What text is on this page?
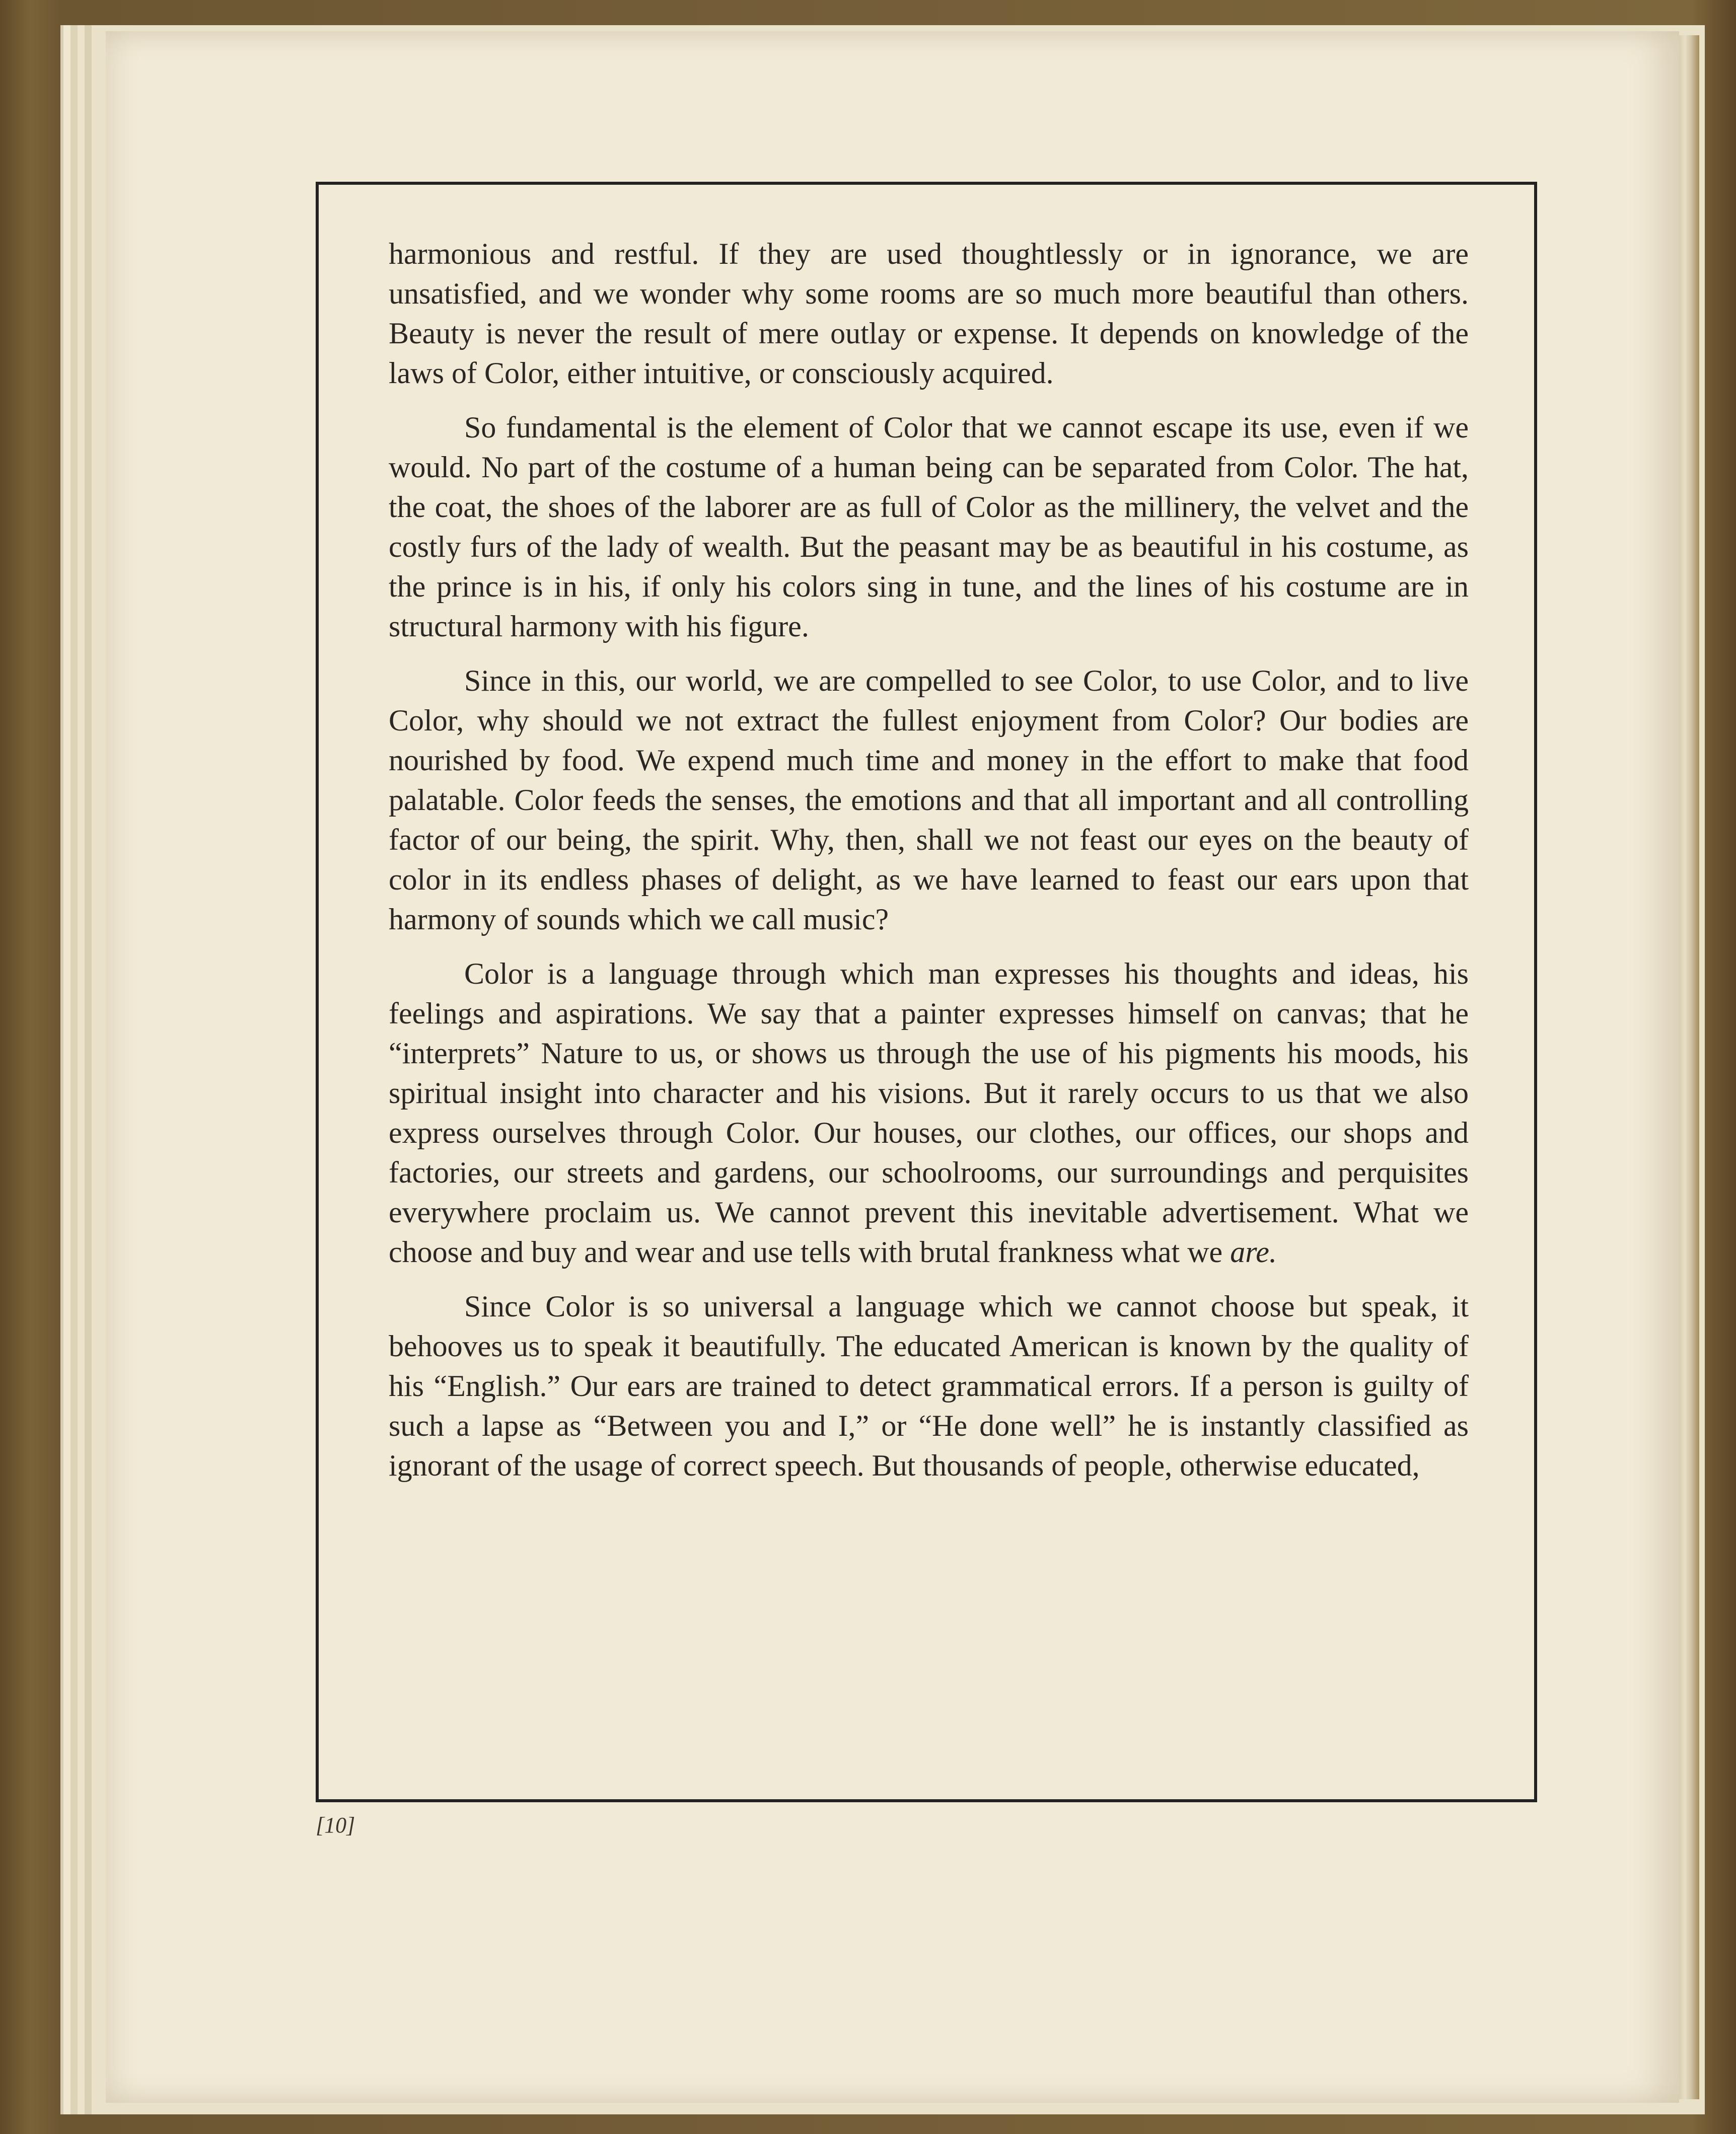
harmonious and restful. If they are used thoughtlessly or in ignorance, we are unsatisfied, and we wonder why some rooms are so much more beautiful than others. Beauty is never the result of mere outlay or expense. It depends on knowledge of the laws of Color, either intuitive, or consciously acquired.

So fundamental is the element of Color that we cannot escape its use, even if we would. No part of the costume of a human being can be separated from Color. The hat, the coat, the shoes of the laborer are as full of Color as the millinery, the velvet and the costly furs of the lady of wealth. But the peasant may be as beautiful in his costume, as the prince is in his, if only his colors sing in tune, and the lines of his costume are in structural harmony with his figure.

Since in this, our world, we are compelled to see Color, to use Color, and to live Color, why should we not extract the fullest enjoyment from Color? Our bodies are nourished by food. We expend much time and money in the effort to make that food palatable. Color feeds the senses, the emotions and that all important and all controlling factor of our being, the spirit. Why, then, shall we not feast our eyes on the beauty of color in its endless phases of delight, as we have learned to feast our ears upon that harmony of sounds which we call music?

Color is a language through which man expresses his thoughts and ideas, his feelings and aspirations. We say that a painter expresses himself on canvas; that he “interprets” Nature to us, or shows us through the use of his pigments his moods, his spiritual insight into character and his visions. But it rarely occurs to us that we also express ourselves through Color. Our houses, our clothes, our offices, our shops and factories, our streets and gardens, our schoolrooms, our surroundings and perquisites everywhere proclaim us. We cannot prevent this inevitable advertisement. What we choose and buy and wear and use tells with brutal frankness what we are.

Since Color is so universal a language which we cannot choose but speak, it behooves us to speak it beautifully. The educated American is known by the quality of his “English.” Our ears are trained to detect grammatical errors. If a person is guilty of such a lapse as “Between you and I,” or “He done well” he is instantly classified as ignorant of the usage of correct speech. But thousands of people, otherwise educated,

[10]
